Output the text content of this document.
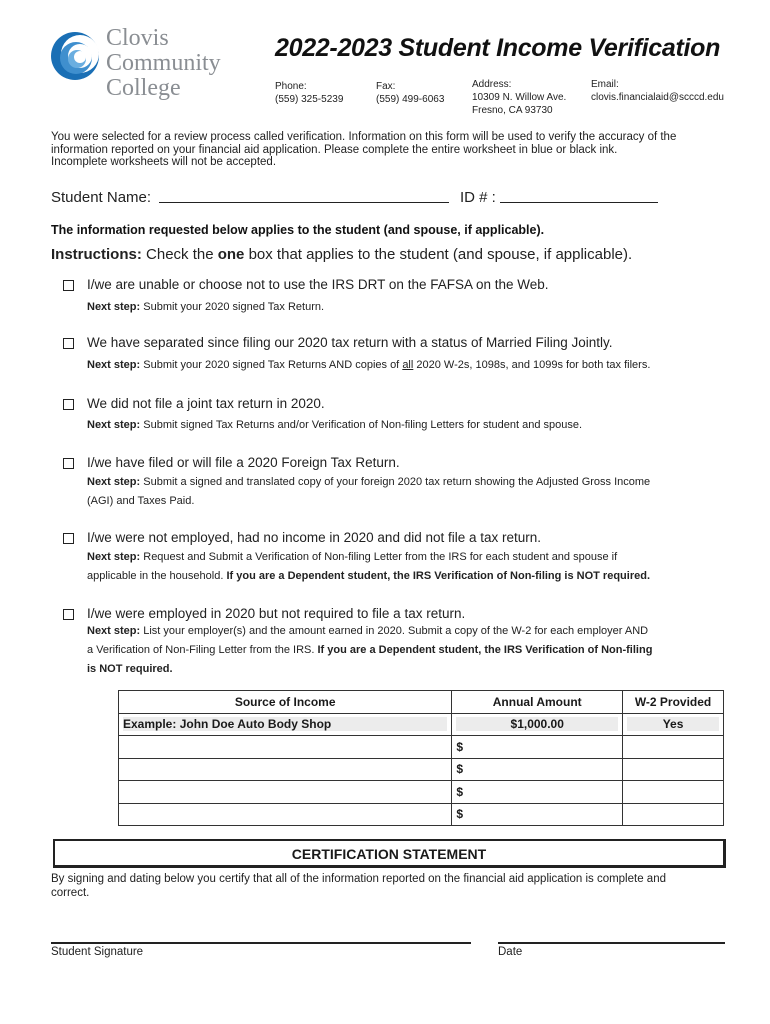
Clovis
Community
College
2022-2023 Student Income Verification
Phone:
(559) 325-5239
Fax:
(559) 499-6063
Address:
10309 N. Willow Ave.
Fresno, CA 93730
Email:
clovis.financialaid@scccd.edu
You were selected for a review process called verification. Information on this form will be used to verify the accuracy of the
information reported on your financial aid application. Please complete the entire worksheet in blue or black ink.
Incomplete worksheets will not be accepted.
Student Name:	ID # :
The information requested below applies to the student (and spouse, if applicable).
Instructions: Check the one box that applies to the student (and spouse, if applicable).
I/we are unable or choose not to use the IRS DRT on the FAFSA on the Web.
Next step: Submit your 2020 signed Tax Return.
We have separated since filing our 2020 tax return with a status of Married Filing Jointly.
Next step: Submit your 2020 signed Tax Returns AND copies of all 2020 W-2s, 1098s, and 1099s for both tax filers.
We did not file a joint tax return in 2020.
Next step: Submit signed Tax Returns and/or Verification of Non-filing Letters for student and spouse.
I/we have filed or will file a 2020 Foreign Tax Return.
Next step: Submit a signed and translated copy of your foreign 2020 tax return showing the Adjusted Gross Income
(AGI) and Taxes Paid.
I/we were not employed, had no income in 2020 and did not file a tax return.
Next step: Request and Submit a Verification of Non-filing Letter from the IRS for each student and spouse if
applicable in the household. If you are a Dependent student, the IRS Verification of Non-filing is NOT required.
I/we were employed in 2020 but not required to file a tax return.
Next step: List your employer(s) and the amount earned in 2020. Submit a copy of the W-2 for each employer AND
a Verification of Non-Filing Letter from the IRS. If you are a Dependent student, the IRS Verification of Non-filing
is NOT required.
Source of Income	Annual Amount	W-2 Provided

Example: John Doe Auto Body Shop	$1,000.00	Yes

	$	
	$	
	$	
	$	
CERTIFICATION STATEMENT
By signing and dating below you certify that all of the information reported on the financial aid application is complete and
correct.
Student Signature	Date
